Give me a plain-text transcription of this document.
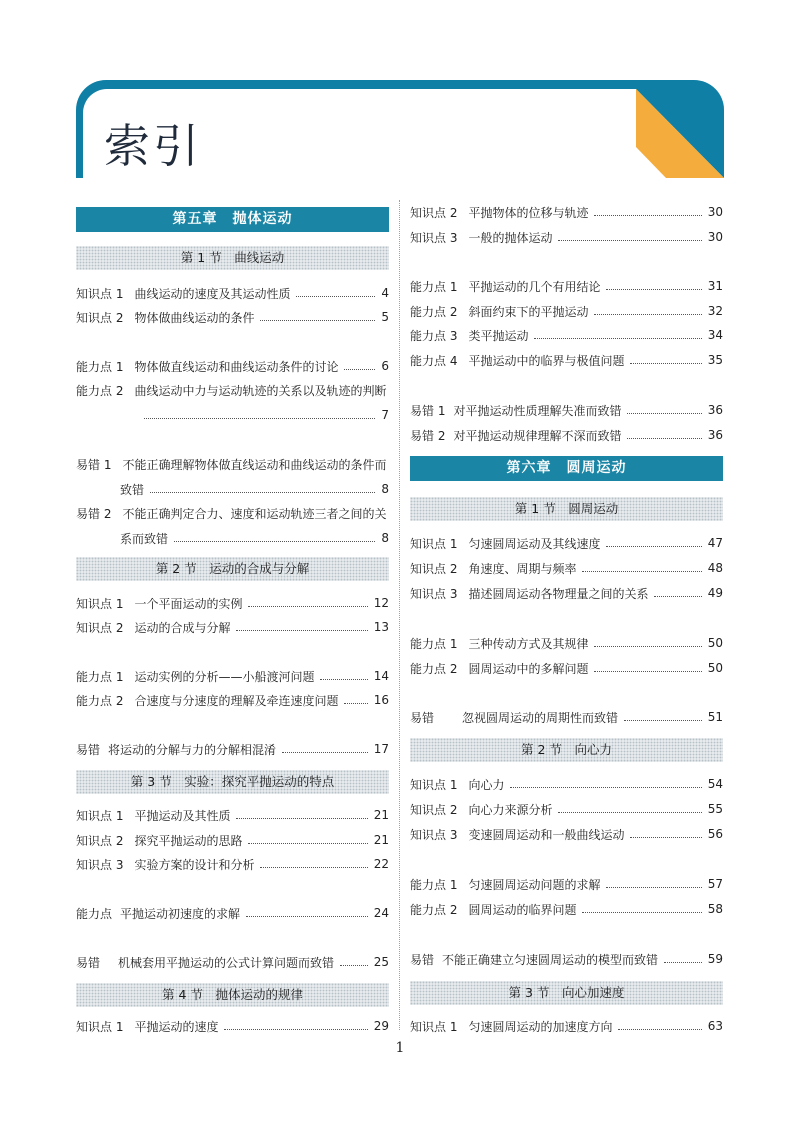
索引
第五章　抛体运动
第 1 节　曲线运动
知识点 1 曲线运动的速度及其运动性质	4
知识点 2 物体做曲线运动的条件	5
能力点 1 物体做直线运动和曲线运动条件的讨论	6
能力点 2 曲线运动中力与运动轨迹的关系以及轨迹的判断
7
易错 1 不能正确理解物体做直线运动和曲线运动的条件而
致错	8
易错 2 不能正确判定合力、速度和运动轨迹三者之间的关
系而致错	8
第 2 节　运动的合成与分解
知识点 1 一个平面运动的实例	12
知识点 2 运动的合成与分解	13
能力点 1 运动实例的分析——小船渡河问题	14
能力点 2 合速度与分速度的理解及牵连速度问题	16
易错 将运动的分解与力的分解相混淆	17
第 3 节　实验：探究平抛运动的特点
知识点 1 平抛运动及其性质	21
知识点 2 探究平抛运动的思路	21
知识点 3 实验方案的设计和分析	22
能力点 平抛运动初速度的求解	24
易错 机械套用平抛运动的公式计算问题而致错	25
第 4 节　抛体运动的规律
知识点 1 平抛运动的速度	29
知识点 2 平抛物体的位移与轨迹	30
知识点 3 一般的抛体运动	30
能力点 1 平抛运动的几个有用结论	31
能力点 2 斜面约束下的平抛运动	32
能力点 3 类平抛运动	34
能力点 4 平抛运动中的临界与极值问题	35
易错 1 对平抛运动性质理解失准而致错	36
易错 2 对平抛运动规律理解不深而致错	36
第六章　圆周运动
第 1 节　圆周运动
知识点 1 匀速圆周运动及其线速度	47
知识点 2 角速度、周期与频率	48
知识点 3 描述圆周运动各物理量之间的关系	49
能力点 1 三种传动方式及其规律	50
能力点 2 圆周运动中的多解问题	50
易错 忽视圆周运动的周期性而致错	51
第 2 节　向心力
知识点 1 向心力	54
知识点 2 向心力来源分析	55
知识点 3 变速圆周运动和一般曲线运动	56
能力点 1 匀速圆周运动问题的求解	57
能力点 2 圆周运动的临界问题	58
易错 不能正确建立匀速圆周运动的模型而致错	59
第 3 节　向心加速度
知识点 1 匀速圆周运动的加速度方向	63
1
